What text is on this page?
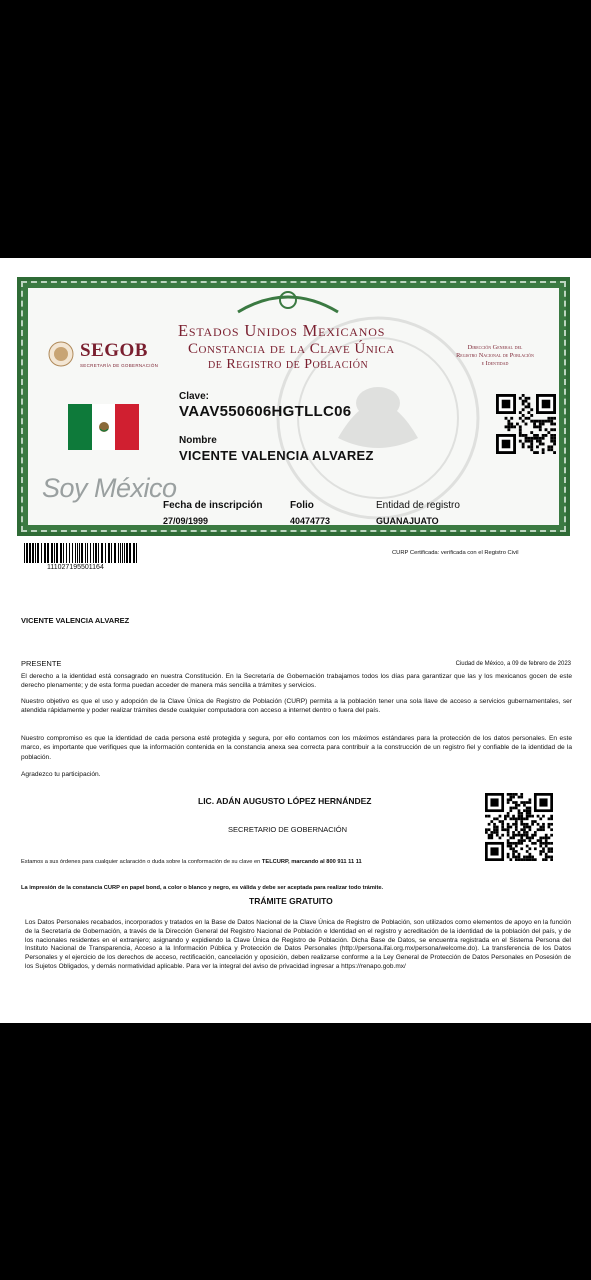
SEGOB
SECRETARÍA DE GOBERNACIÓN
Estados Unidos Mexicanos
Constancia de la Clave Única
de Registro de Población
Dirección General del
Registro Nacional de Población
e Identidad
Clave:
VAAV550606HGTLLC06
Nombre
VICENTE VALENCIA ALVAREZ
Soy México
Fecha de inscripción
27/09/1999
Folio
40474773
Entidad de registro
GUANAJUATO
111027195501164
CURP Certificada: verificada con el Registro Civil
VICENTE VALENCIA ALVAREZ
PRESENTE	Ciudad de México, a 09 de febrero de 2023
El derecho a la identidad está consagrado en nuestra Constitución. En la Secretaría de Gobernación trabajamos todos los días para garantizar que las y los mexicanos gocen de este derecho plenamente; y de esta forma puedan acceder de manera más sencilla a trámites y servicios.
Nuestro objetivo es que el uso y adopción de la Clave Única de Registro de Población (CURP) permita a la población tener una sola llave de acceso a servicios gubernamentales, ser atendida rápidamente y poder realizar trámites desde cualquier computadora con acceso a internet dentro o fuera del país.
Nuestro compromiso es que la identidad de cada persona esté protegida y segura, por ello contamos con los máximos estándares para la protección de los datos personales. En este marco, es importante que verifiques que la información contenida en la constancia anexa sea correcta para contribuir a la construcción de un registro fiel y confiable de la identidad de la población.
Agradezco tu participación.
LIC. ADÁN AUGUSTO LÓPEZ HERNÁNDEZ
SECRETARIO DE GOBERNACIÓN
Estamos a sus órdenes para cualquier aclaración o duda sobre la conformación de su clave en TELCURP, marcando al 800 911 11 11
La impresión de la constancia CURP en papel bond, a color o blanco y negro, es válida y debe ser aceptada para realizar todo trámite.
TRÁMITE GRATUITO
Los Datos Personales recabados, incorporados y tratados en la Base de Datos Nacional de la Clave Única de Registro de Población, son utilizados como elementos de apoyo en la función de la Secretaría de Gobernación, a través de la Dirección General del Registro Nacional de Población e Identidad en el registro y acreditación de la identidad de la población del país, y de los nacionales residentes en el extranjero; asignando y expidiendo la Clave Única de Registro de Población. Dicha Base de Datos, se encuentra registrada en el Sistema Persona del Instituto Nacional de Transparencia, Acceso a la Información Pública y Protección de Datos Personales (http://persona.ifai.org.mx/persona/welcome.do). La transferencia de los Datos Personales y el ejercicio de los derechos de acceso, rectificación, cancelación y oposición, deben realizarse conforme a la Ley General de Protección de Datos Personales en Posesión de los Sujetos Obligados, y demás normatividad aplicable. Para ver la integral del aviso de privacidad ingresar a https://renapo.gob.mx/
